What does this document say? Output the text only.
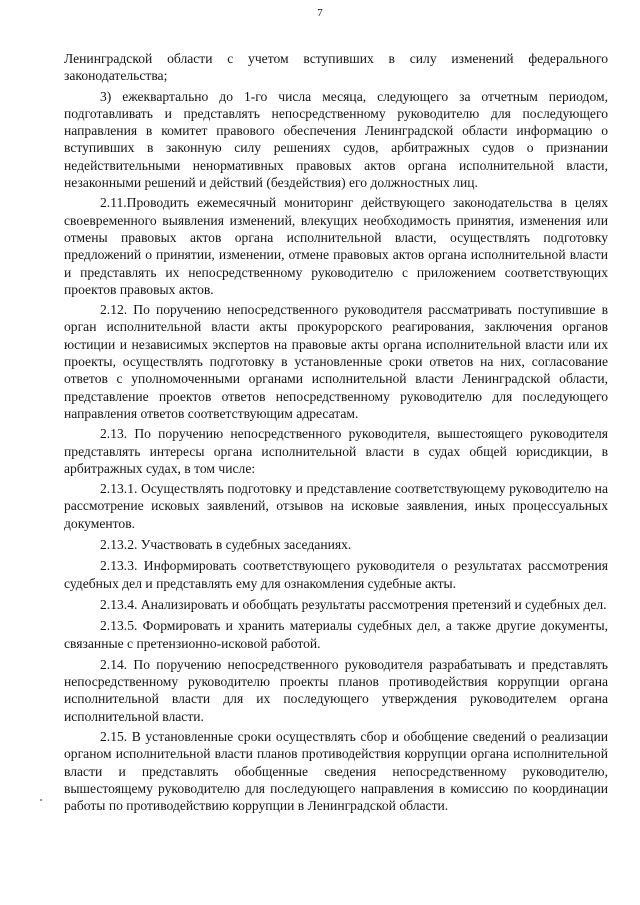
7

Ленинградской области с учетом вступивших в силу изменений федерального законодательства;

3) ежеквартально до 1-го числа месяца, следующего за отчетным периодом, подготавливать и представлять непосредственному руководителю для последующего направления в комитет правового обеспечения Ленинградской области информацию о вступивших в законную силу решениях судов, арбитражных судов о признании недействительными ненормативных правовых актов органа исполнительной власти, незаконными решений и действий (бездействия) его должностных лиц.

2.11.Проводить ежемесячный мониторинг действующего законодательства в целях своевременного выявления изменений, влекущих необходимость принятия, изменения или отмены правовых актов органа исполнительной власти, осуществлять подготовку предложений о принятии, изменении, отмене правовых актов органа исполнительной власти и представлять их непосредственному руководителю с приложением соответствующих проектов правовых актов.

2.12. По поручению непосредственного руководителя рассматривать поступившие в орган исполнительной власти акты прокурорского реагирования, заключения органов юстиции и независимых экспертов на правовые акты органа исполнительной власти или их проекты, осуществлять подготовку в установленные сроки ответов на них, согласование ответов с уполномоченными органами исполнительной власти Ленинградской области, представление проектов ответов непосредственному руководителю для последующего направления ответов соответствующим адресатам.

2.13. По поручению непосредственного руководителя, вышестоящего руководителя представлять интересы органа исполнительной власти в судах общей юрисдикции, в арбитражных судах, в том числе:

2.13.1. Осуществлять подготовку и представление соответствующему руководителю на рассмотрение исковых заявлений, отзывов на исковые заявления, иных процессуальных документов.

2.13.2. Участвовать в судебных заседаниях.

2.13.3. Информировать соответствующего руководителя о результатах рассмотрения судебных дел и представлять ему для ознакомления судебные акты.

2.13.4. Анализировать и обобщать результаты рассмотрения претензий и судебных дел.

2.13.5. Формировать и хранить материалы судебных дел, а также другие документы, связанные с претензионно-исковой работой.

2.14. По поручению непосредственного руководителя разрабатывать и представлять непосредственному руководителю проекты планов противодействия коррупции органа исполнительной власти для их последующего утверждения руководителем органа исполнительной власти.

2.15. В установленные сроки осуществлять сбор и обобщение сведений о реализации органом исполнительной власти планов противодействия коррупции органа исполнительной власти и представлять обобщенные сведения непосредственному руководителю, вышестоящему руководителю для последующего направления в комиссию по координации работы по противодействию коррупции в Ленинградской области.
